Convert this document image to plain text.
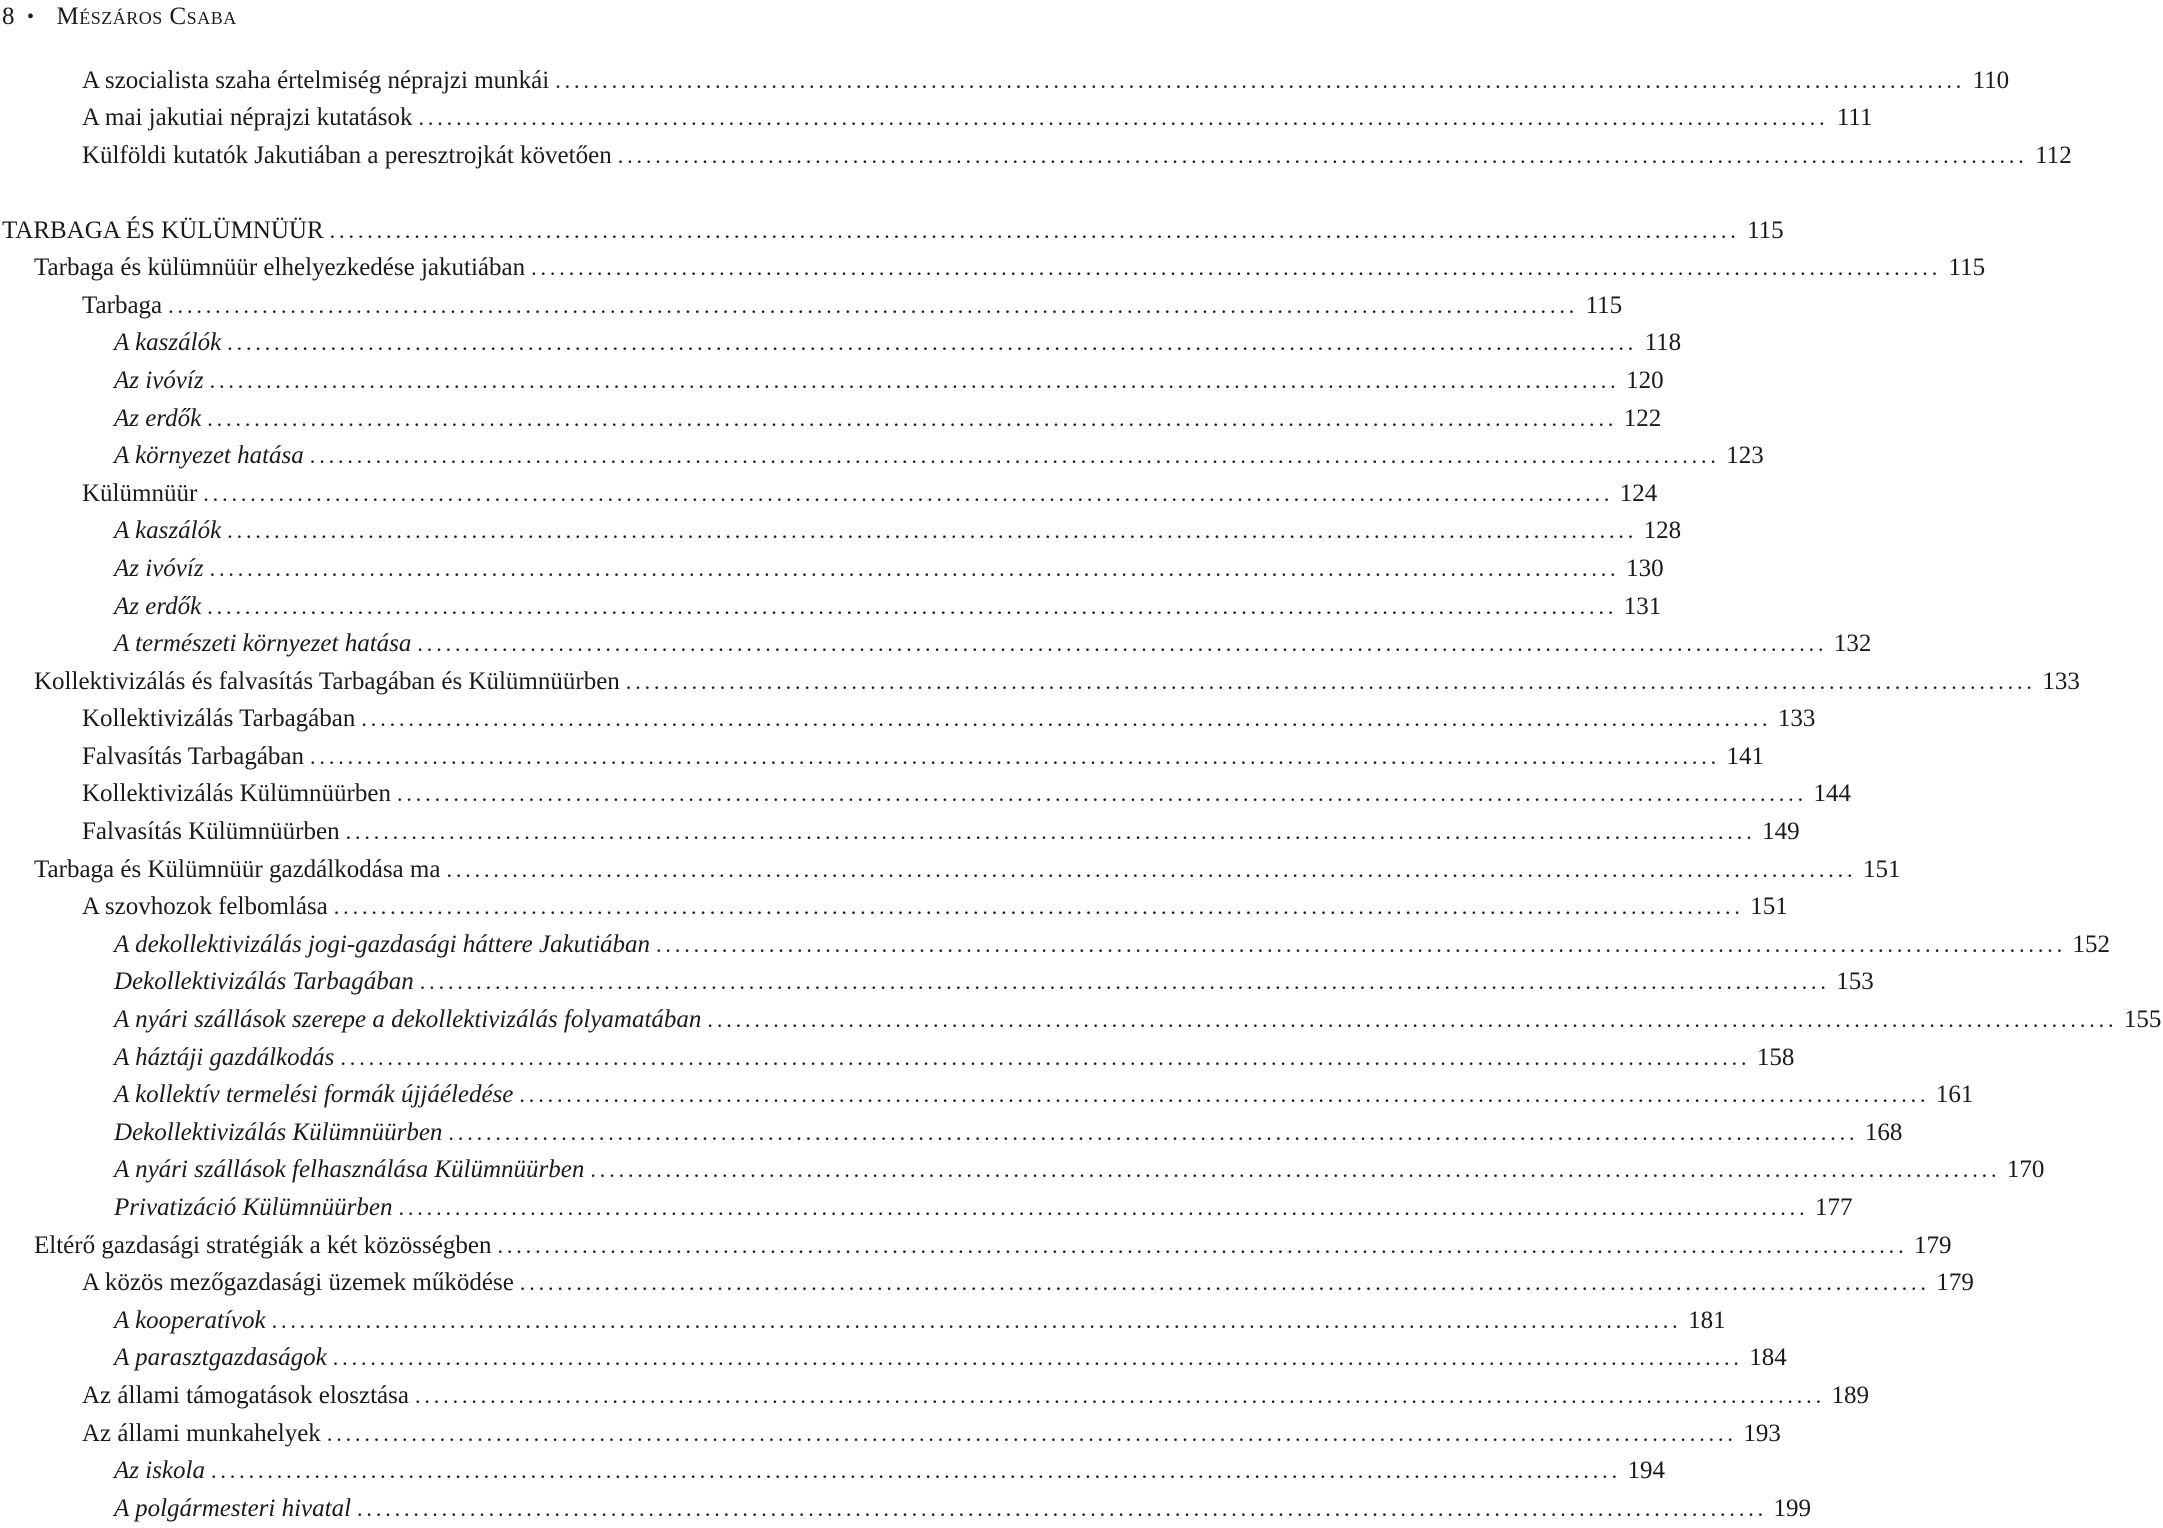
8 • Mészáros Csaba
A szocialista szaha értelmiség néprajzi munkái ...................................................................................................................................................... 110
A mai jakutiai néprajzi kutatások ...................................................................................................................................................... 111
Külföldi kutatók Jakutiában a peresztrojkát követően ...................................................................................................................................................... 112
TARBAGA ÉS KÜLÜMNÜÜR ...................................................................................................................................................... 115
Tarbaga és külümnüür elhelyezkedése jakutiában ...................................................................................................................................................... 115
Tarbaga ...................................................................................................................................................... 115
A kaszálók ...................................................................................................................................................... 118
Az ivóvíz ...................................................................................................................................................... 120
Az erdők ...................................................................................................................................................... 122
A környezet hatása ...................................................................................................................................................... 123
Külümnüür ...................................................................................................................................................... 124
A kaszálók ...................................................................................................................................................... 128
Az ivóvíz ...................................................................................................................................................... 130
Az erdők ...................................................................................................................................................... 131
A természeti környezet hatása ...................................................................................................................................................... 132
Kollektivizálás és falvasítás Tarbagában és Külümnüürben ...................................................................................................................................................... 133
Kollektivizálás Tarbagában ...................................................................................................................................................... 133
Falvasítás Tarbagában ...................................................................................................................................................... 141
Kollektivizálás Külümnüürben ...................................................................................................................................................... 144
Falvasítás Külümnüürben ...................................................................................................................................................... 149
Tarbaga és Külümnüür gazdálkodása ma ...................................................................................................................................................... 151
A szovhozok felbomlása ...................................................................................................................................................... 151
A dekollektivizálás jogi-gazdasági háttere Jakutiában ...................................................................................................................................................... 152
Dekollektivizálás Tarbagában ...................................................................................................................................................... 153
A nyári szállások szerepe a dekollektivizálás folyamatában ...................................................................................................................................................... 155
A háztáji gazdálkodás ...................................................................................................................................................... 158
A kollektív termelési formák újjáéledése ...................................................................................................................................................... 161
Dekollektivizálás Külümnüürben ...................................................................................................................................................... 168
A nyári szállások felhasználása Külümnüürben ...................................................................................................................................................... 170
Privatizáció Külümnüürben ...................................................................................................................................................... 177
Eltérő gazdasági stratégiák a két közösségben ...................................................................................................................................................... 179
A közös mezőgazdasági üzemek működése ...................................................................................................................................................... 179
A kooperatívok ...................................................................................................................................................... 181
A parasztgazdaságok ...................................................................................................................................................... 184
Az állami támogatások elosztása ...................................................................................................................................................... 189
Az állami munkahelyek ...................................................................................................................................................... 193
Az iskola ...................................................................................................................................................... 194
A polgármesteri hivatal ...................................................................................................................................................... 199
